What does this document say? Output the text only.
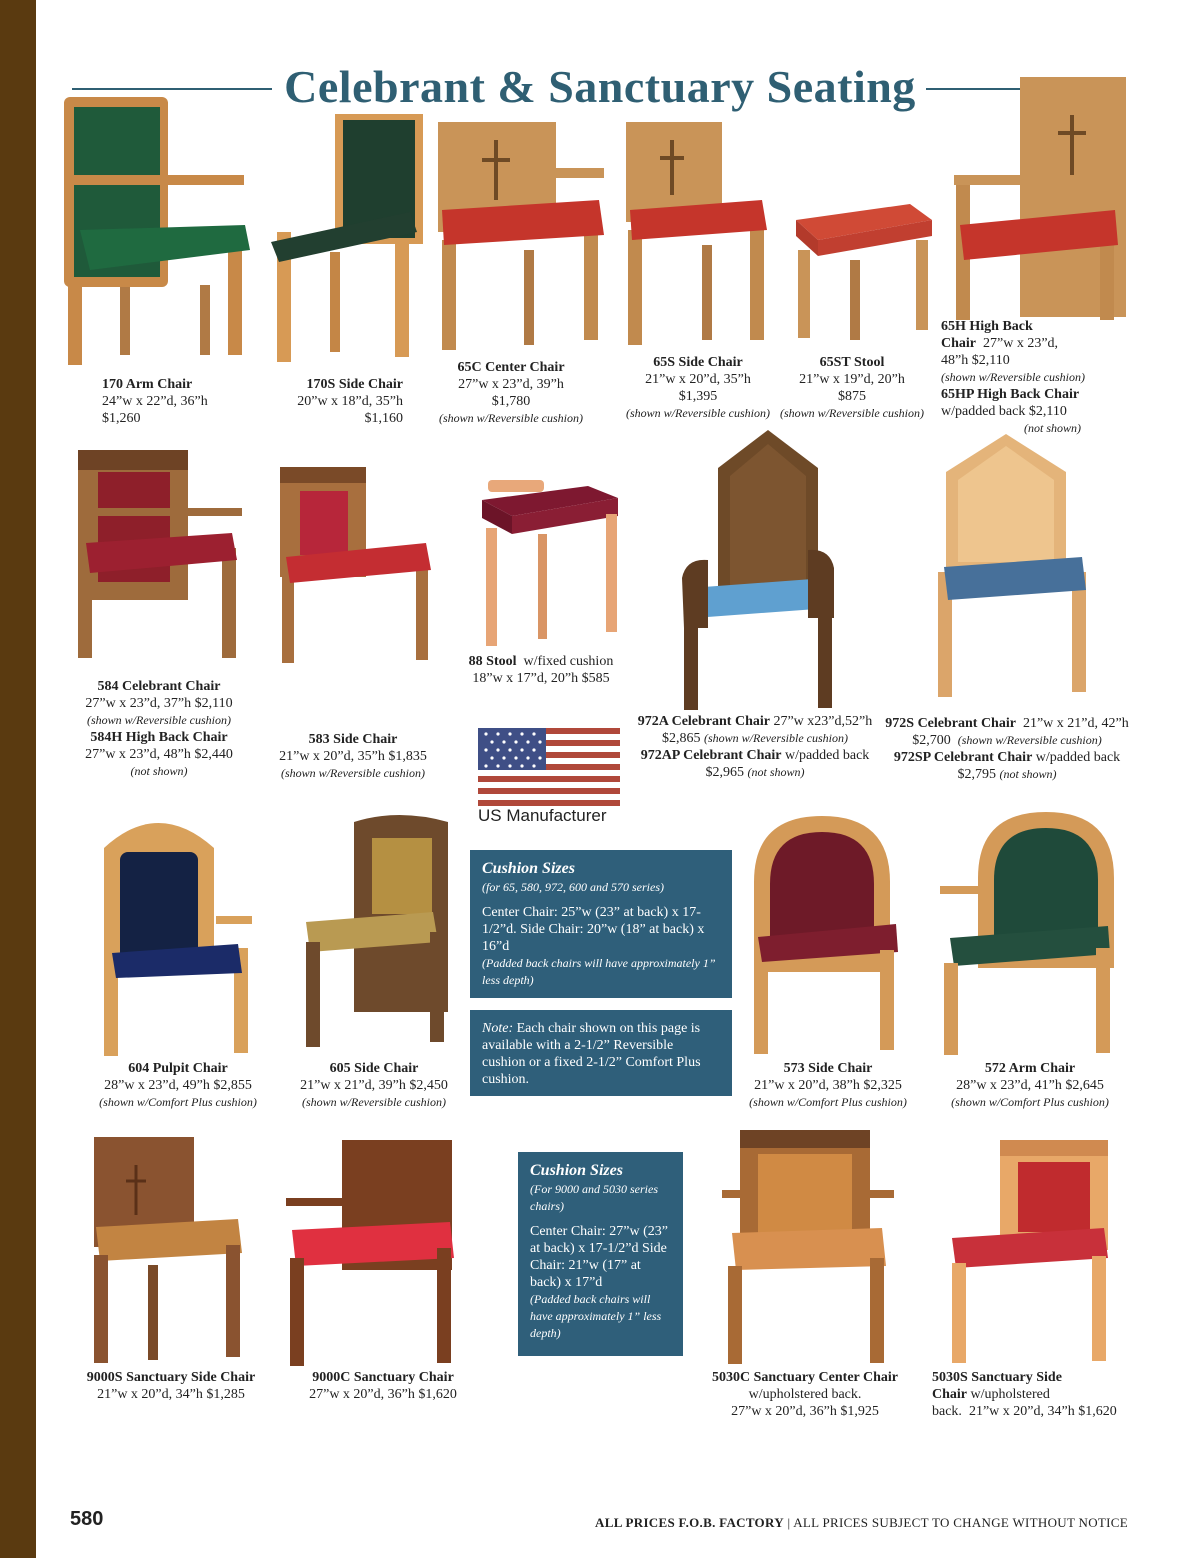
Celebrant & Sanctuary Seating
170 Arm Chair
24”w x 22”d, 36”h
$1,260
170S Side Chair
20”w x 18”d, 35”h
$1,160
65C Center Chair
27”w x 23”d, 39”h
$1,780
(shown w/Reversible cushion)
65S Side Chair
21”w x 20”d, 35”h
$1,395
(shown w/Reversible cushion)
65ST Stool
21”w x 19”d, 20”h
$875
(shown w/Reversible cushion)
65H High Back
Chair 27”w x 23”d,
48”h $2,110
(shown w/Reversible cushion)
65HP High Back Chair
w/padded back $2,110
(not shown)
584 Celebrant Chair
27”w x 23”d, 37”h $2,110
(shown w/Reversible cushion)
584H High Back Chair
27”w x 23”d, 48”h $2,440
(not shown)
583 Side Chair
21”w x 20”d, 35”h $1,835
(shown w/Reversible cushion)
88 Stool w/fixed cushion
18”w x 17”d, 20”h $585
972A Celebrant Chair 27”w x23”d,52”h
$2,865 (shown w/Reversible cushion)
972AP Celebrant Chair w/padded back
$2,965 (not shown)
972S Celebrant Chair 21”w x 21”d, 42”h
$2,700 (shown w/Reversible cushion)
972SP Celebrant Chair w/padded back
$2,795 (not shown)
US Manufacturer
Cushion Sizes
(for 65, 580, 972, 600 and 570 series)
Center Chair: 25”w (23” at back) x 17-1/2”d. Side Chair: 20”w (18” at back) x 16”d
(Padded back chairs will have approximately 1” less depth)
Note: Each chair shown on this page is available with a 2-1/2” Reversible cushion or a fixed 2-1/2” Comfort Plus cushion.
604 Pulpit Chair
28”w x 23”d, 49”h $2,855
(shown w/Comfort Plus cushion)
605 Side Chair
21”w x 21”d, 39”h $2,450
(shown w/Reversible cushion)
573 Side Chair
21”w x 20”d, 38”h $2,325
(shown w/Comfort Plus cushion)
572 Arm Chair
28”w x 23”d, 41”h $2,645
(shown w/Comfort Plus cushion)
Cushion Sizes
(For 9000 and 5030 series chairs)
Center Chair: 27”w (23” at back) x 17-1/2”d Side Chair: 21”w (17” at back) x 17”d
(Padded back chairs will have approximately 1” less depth)
9000S Sanctuary Side Chair
21”w x 20”d, 34”h $1,285
9000C Sanctuary Chair
27”w x 20”d, 36”h $1,620
5030C Sanctuary Center Chair
w/upholstered back.
27”w x 20”d, 36”h $1,925
5030S Sanctuary Side
Chair w/upholstered
back. 21”w x 20”d, 34”h $1,620
580	ALL PRICES F.O.B. FACTORY | ALL PRICES SUBJECT TO CHANGE WITHOUT NOTICE
